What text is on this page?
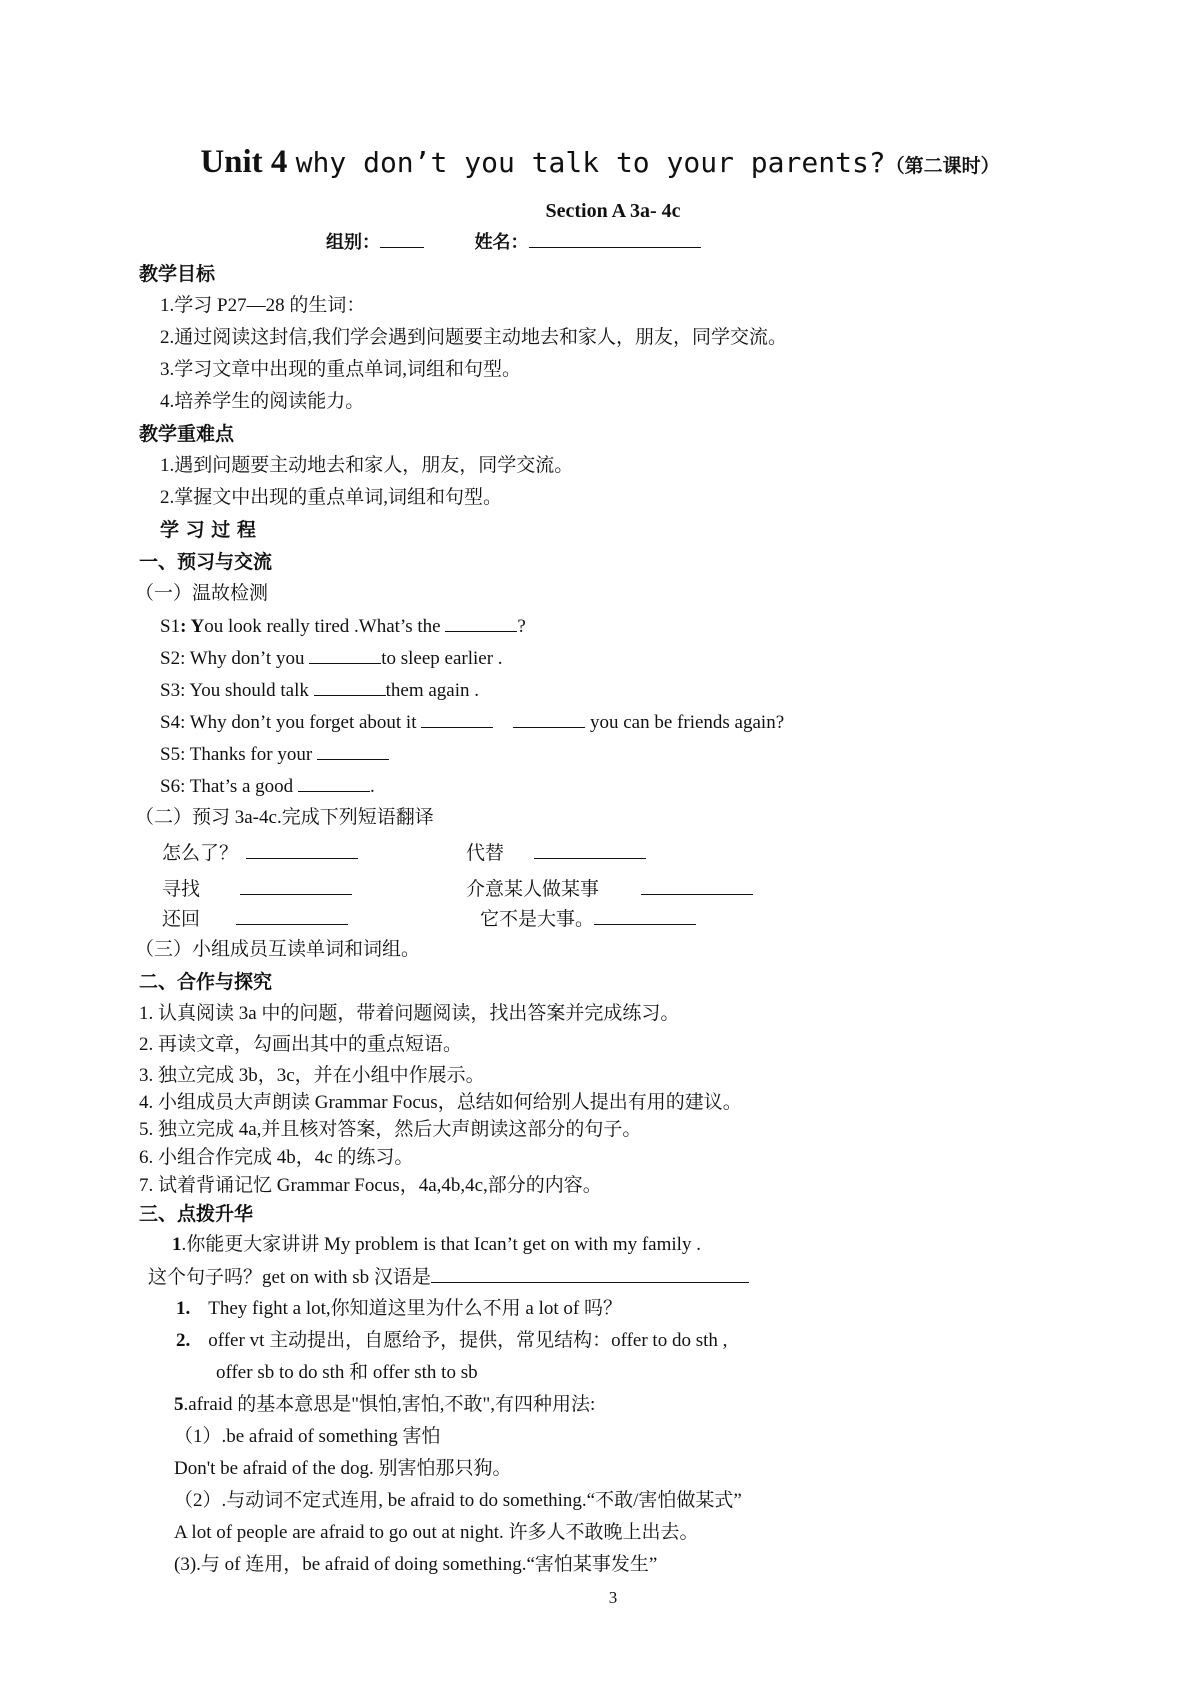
Unit 4 why don’t you talk to your parents?（第二课时）
Section A 3a- 4c
组别：	姓名：
教学目标
1.学习 P27—28 的生词：
2.通过阅读这封信,我们学会遇到问题要主动地去和家人，朋友，同学交流。
3.学习文章中出现的重点单词,词组和句型。
4.培养学生的阅读能力。
教学重难点
1.遇到问题要主动地去和家人，朋友，同学交流。
2.掌握文中出现的重点单词,词组和句型。
学 习 过 程
一、预习与交流
（一）温故检测
S1: You look really tired .What’s the	?
S2: Why don’t you	to sleep earlier .
S3: You should talk	them again .
S4: Why don’t you forget about it	you can be friends again?
S5: Thanks for your
S6: That’s a good	.
（二）预习 3a-4c.完成下列短语翻译
怎么了？	代替
寻找	介意某人做某事
还回	它不是大事。
（三）小组成员互读单词和词组。
二、合作与探究
1. 认真阅读 3a 中的问题，带着问题阅读，找出答案并完成练习。
2. 再读文章，勾画出其中的重点短语。
3. 独立完成 3b，3c，并在小组中作展示。
4. 小组成员大声朗读 Grammar Focus，总结如何给别人提出有用的建议。
5. 独立完成 4a,并且核对答案，然后大声朗读这部分的句子。
6. 小组合作完成 4b，4c 的练习。
7. 试着背诵记忆 Grammar Focus，4a,4b,4c,部分的内容。
三、点拨升华
1.你能更大家讲讲 My problem is that Ican’t get on with my family .
这个句子吗？get on with sb 汉语是
1. They fight a lot,你知道这里为什么不用 a lot of 吗？
2. offer vt 主动提出，自愿给予，提供，常见结构：offer to do sth ,
offer sb to do sth 和 offer sth to sb
5.afraid 的基本意思是"惧怕,害怕,不敢",有四种用法:
（1）.be afraid of something 害怕
Don't be afraid of the dog. 别害怕那只狗。
（2）.与动词不定式连用, be afraid to do something.“不敢/害怕做某式”
A lot of people are afraid to go out at night. 许多人不敢晚上出去。
(3).与 of 连用，be afraid of doing something.“害怕某事发生”
3
